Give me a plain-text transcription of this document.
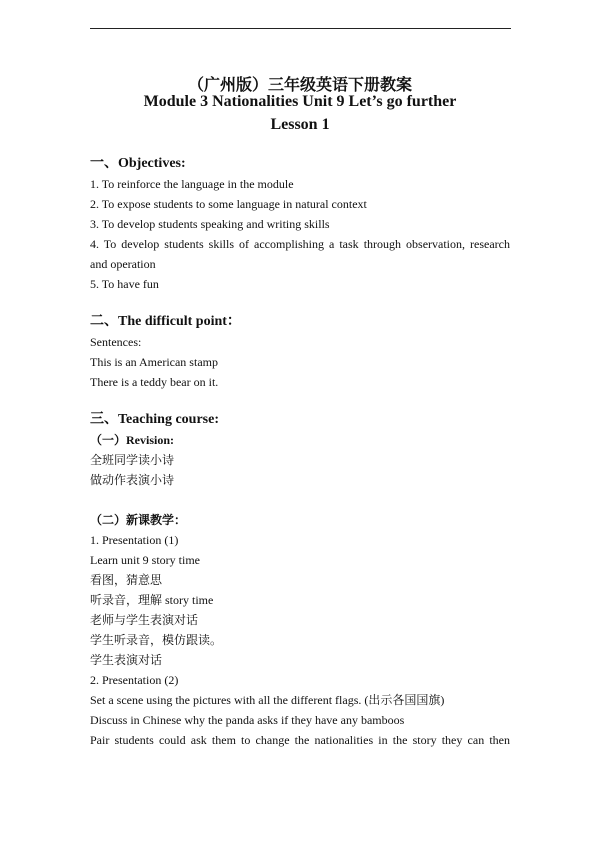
（广州版）三年级英语下册教案
Module 3 Nationalities Unit 9 Let’s go further
Lesson 1
一、Objectives:
1. To reinforce the language in the module
2. To expose students to some language in natural context
3. To develop students speaking and writing skills
4. To develop students skills of accomplishing a task through observation, research
and operation
5. To have fun
二、The difficult point：
Sentences:
This is an American stamp
There is a teddy bear on it.
三、Teaching course:
（一）Revision:
全班同学读小诗
做动作表演小诗
（二）新课教学：
1. Presentation (1)
Learn unit 9 story time
看图，猜意思
听录音，理解 story time
老师与学生表演对话
学生听录音，模仿跟读。
学生表演对话
2. Presentation (2)
Set a scene using the pictures with all the different flags. (出示各国国旗)
Discuss in Chinese why the panda asks if they have any bamboos
Pair students could ask them to change the nationalities in the story they can then
